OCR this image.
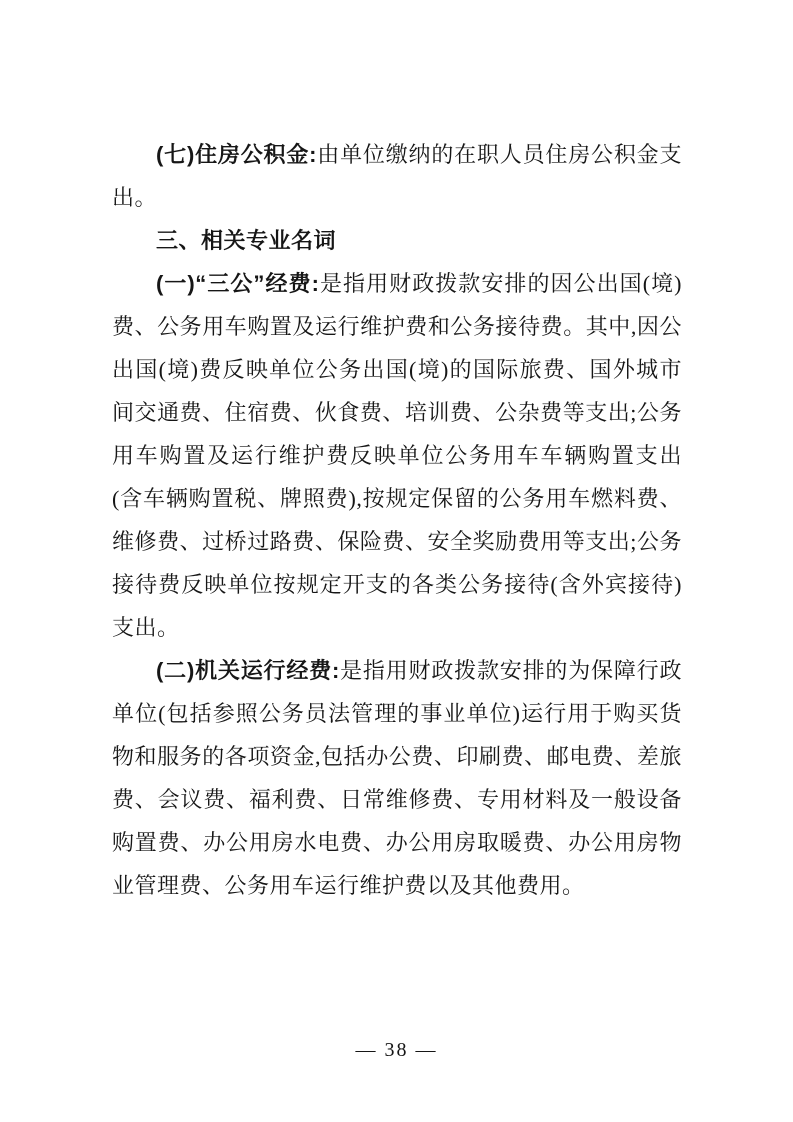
(七)住房公积金:由单位缴纳的在职人员住房公积金支出。

三、相关专业名词

(一)“三公”经费:是指用财政拨款安排的因公出国(境)费、公务用车购置及运行维护费和公务接待费。其中,因公出国(境)费反映单位公务出国(境)的国际旅费、国外城市间交通费、住宿费、伙食费、培训费、公杂费等支出;公务用车购置及运行维护费反映单位公务用车车辆购置支出(含车辆购置税、牌照费),按规定保留的公务用车燃料费、维修费、过桥过路费、保险费、安全奖励费用等支出;公务接待费反映单位按规定开支的各类公务接待(含外宾接待)支出。

(二)机关运行经费:是指用财政拨款安排的为保障行政单位(包括参照公务员法管理的事业单位)运行用于购买货物和服务的各项资金,包括办公费、印刷费、邮电费、差旅费、会议费、福利费、日常维修费、专用材料及一般设备购置费、办公用房水电费、办公用房取暖费、办公用房物业管理费、公务用车运行维护费以及其他费用。

— 38 —
